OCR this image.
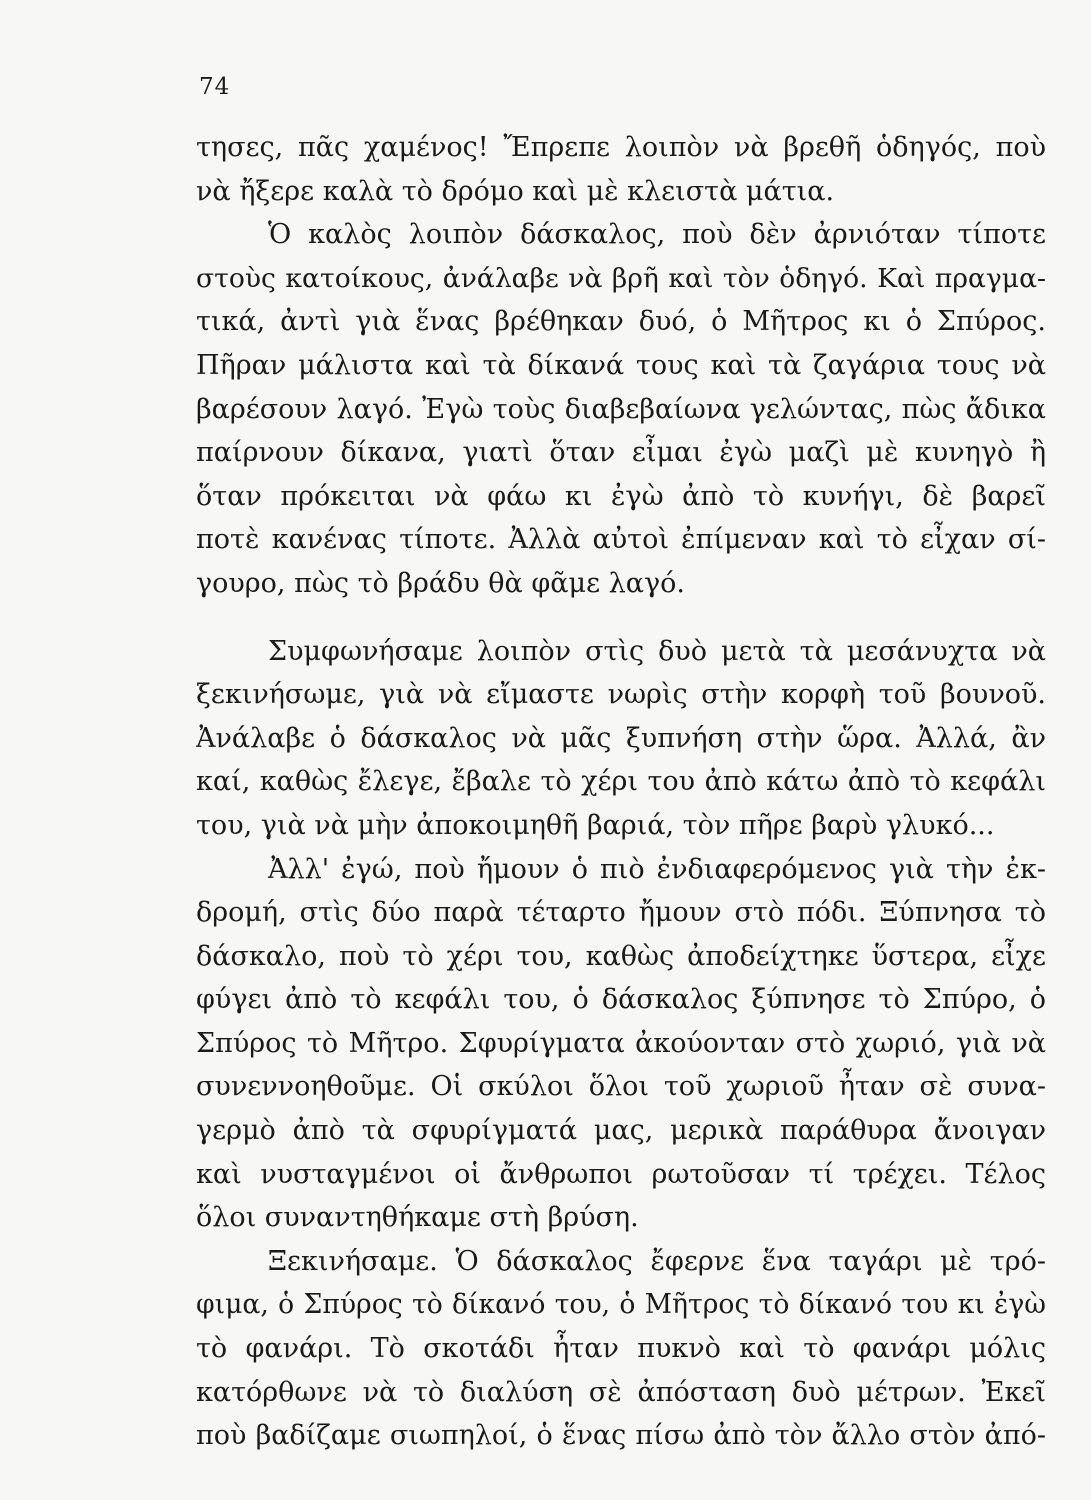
74
τησες, πᾶς χαμένος! Ἔπρεπε λοιπὸν νὰ βρεθῆ ὁδηγός, ποὺ
νὰ ἤξερε καλὰ τὸ δρόμο καὶ μὲ κλειστὰ μάτια.
Ὁ καλὸς λοιπὸν δάσκαλος, ποὺ δὲν ἀρνιόταν τίποτε
στοὺς κατοίκους, ἀνάλαβε νὰ βρῆ καὶ τὸν ὁδηγό. Καὶ πραγμα-
τικά, ἀντὶ γιὰ ἕνας βρέθηκαν δυό, ὁ Μῆτρος κι ὁ Σπύρος.
Πῆραν μάλιστα καὶ τὰ δίκανά τους καὶ τὰ ζαγάρια τους νὰ
βαρέσουν λαγό. Ἐγὼ τοὺς διαβεβαίωνα γελώντας, πὼς ἄδικα
παίρνουν δίκανα, γιατὶ ὅταν εἶμαι ἐγὼ μαζὶ μὲ κυνηγὸ ἢ
ὅταν πρόκειται νὰ φάω κι ἐγὼ ἀπὸ τὸ κυνήγι, δὲ βαρεῖ
ποτὲ κανένας τίποτε. Ἀλλὰ αὐτοὶ ἐπίμεναν καὶ τὸ εἶχαν σί-
γουρο, πὼς τὸ βράδυ θὰ φᾶμε λαγό.
Συμφωνήσαμε λοιπὸν στὶς δυὸ μετὰ τὰ μεσάνυχτα νὰ
ξεκινήσωμε, γιὰ νὰ εἴμαστε νωρὶς στὴν κορφὴ τοῦ βουνοῦ.
Ἀνάλαβε ὁ δάσκαλος νὰ μᾶς ξυπνήση στὴν ὥρα. Ἀλλά, ἂν
καί, καθὼς ἔλεγε, ἔβαλε τὸ χέρι του ἀπὸ κάτω ἀπὸ τὸ κεφάλι
του, γιὰ νὰ μὴν ἀποκοιμηθῆ βαριά, τὸν πῆρε βαρὺ γλυκό...
Ἀλλ' ἐγώ, ποὺ ἤμουν ὁ πιὸ ἐνδιαφερόμενος γιὰ τὴν ἐκ-
δρομή, στὶς δύο παρὰ τέταρτο ἤμουν στὸ πόδι. Ξύπνησα τὸ
δάσκαλο, ποὺ τὸ χέρι του, καθὼς ἀποδείχτηκε ὕστερα, εἶχε
φύγει ἀπὸ τὸ κεφάλι του, ὁ δάσκαλος ξύπνησε τὸ Σπύρο, ὁ
Σπύρος τὸ Μῆτρο. Σφυρίγματα ἀκούονταν στὸ χωριό, γιὰ νὰ
συνεννοηθοῦμε. Οἱ σκύλοι ὅλοι τοῦ χωριοῦ ἦταν σὲ συνα-
γερμὸ ἀπὸ τὰ σφυρίγματά μας, μερικὰ παράθυρα ἄνοιγαν
καὶ νυσταγμένοι οἱ ἄνθρωποι ρωτοῦσαν τί τρέχει. Τέλος
ὅλοι συναντηθήκαμε στὴ βρύση.
Ξεκινήσαμε. Ὁ δάσκαλος ἔφερνε ἕνα ταγάρι μὲ τρό-
φιμα, ὁ Σπύρος τὸ δίκανό του, ὁ Μῆτρος τὸ δίκανό του κι ἐγὼ
τὸ φανάρι. Τὸ σκοτάδι ἦταν πυκνὸ καὶ τὸ φανάρι μόλις
κατόρθωνε νὰ τὸ διαλύση σὲ ἀπόσταση δυὸ μέτρων. Ἐκεῖ
ποὺ βαδίζαμε σιωπηλοί, ὁ ἕνας πίσω ἀπὸ τὸν ἄλλο στὸν ἀπό-
